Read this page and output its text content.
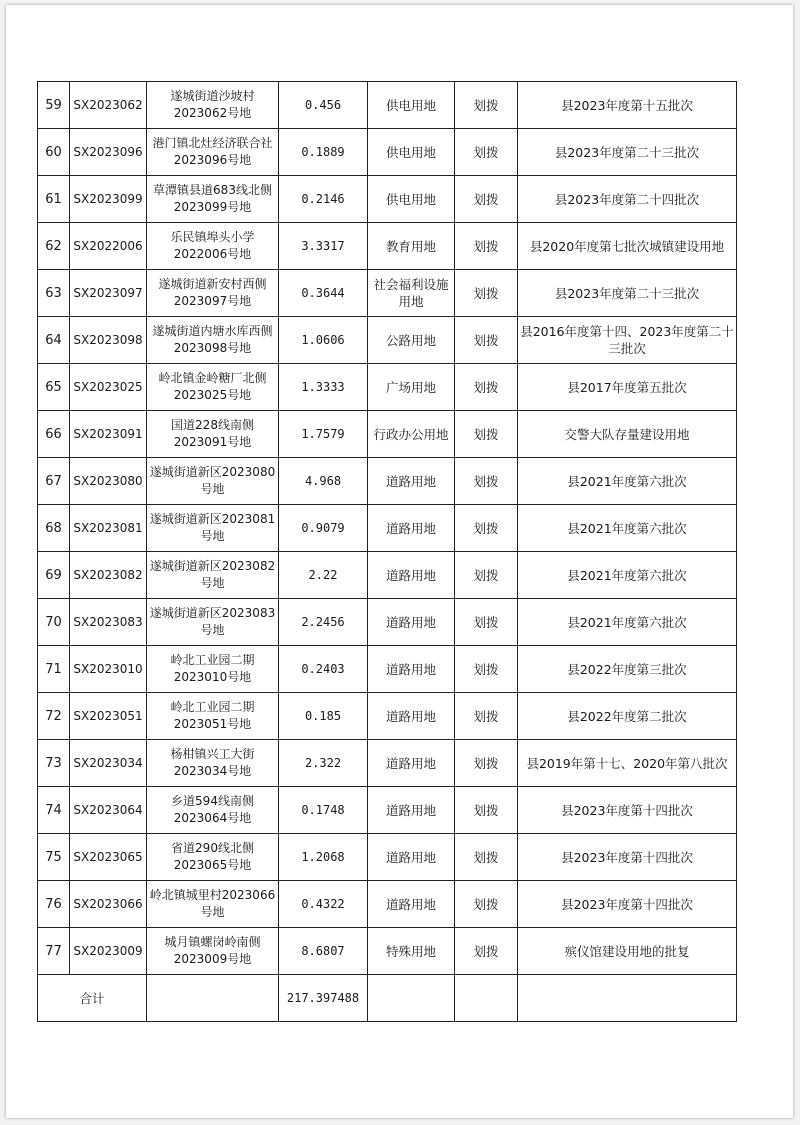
59	SX2023062	遂城街道沙坡村2023062号地	0.456	供电用地	划拨	县2023年度第十五批次
60	SX2023096	港门镇北灶经济联合社2023096号地	0.1889	供电用地	划拨	县2023年度第二十三批次
61	SX2023099	草潭镇县道683线北侧2023099号地	0.2146	供电用地	划拨	县2023年度第二十四批次
62	SX2022006	乐民镇埠头小学2022006号地	3.3317	教育用地	划拨	县2020年度第七批次城镇建设用地
63	SX2023097	遂城街道新安村西侧2023097号地	0.3644	社会福利设施用地	划拨	县2023年度第二十三批次
64	SX2023098	遂城街道内塘水库西侧2023098号地	1.0606	公路用地	划拨	县2016年度第十四、2023年度第二十三批次
65	SX2023025	岭北镇金岭糖厂北侧2023025号地	1.3333	广场用地	划拨	县2017年度第五批次
66	SX2023091	国道228线南侧2023091号地	1.7579	行政办公用地	划拨	交警大队存量建设用地
67	SX2023080	遂城街道新区2023080号地	4.968	道路用地	划拨	县2021年度第六批次
68	SX2023081	遂城街道新区2023081号地	0.9079	道路用地	划拨	县2021年度第六批次
69	SX2023082	遂城街道新区2023082号地	2.22	道路用地	划拨	县2021年度第六批次
70	SX2023083	遂城街道新区2023083号地	2.2456	道路用地	划拨	县2021年度第六批次
71	SX2023010	岭北工业园二期2023010号地	0.2403	道路用地	划拨	县2022年度第三批次
72	SX2023051	岭北工业园二期2023051号地	0.185	道路用地	划拨	县2022年度第二批次
73	SX2023034	杨柑镇兴工大街2023034号地	2.322	道路用地	划拨	县2019年第十七、2020年第八批次
74	SX2023064	乡道594线南侧2023064号地	0.1748	道路用地	划拨	县2023年度第十四批次
75	SX2023065	省道290线北侧2023065号地	1.2068	道路用地	划拨	县2023年度第十四批次
76	SX2023066	岭北镇城里村2023066号地	0.4322	道路用地	划拨	县2023年度第十四批次
77	SX2023009	城月镇螺岗岭南侧2023009号地	8.6807	特殊用地	划拨	殡仪馆建设用地的批复
合计			217.397488			
